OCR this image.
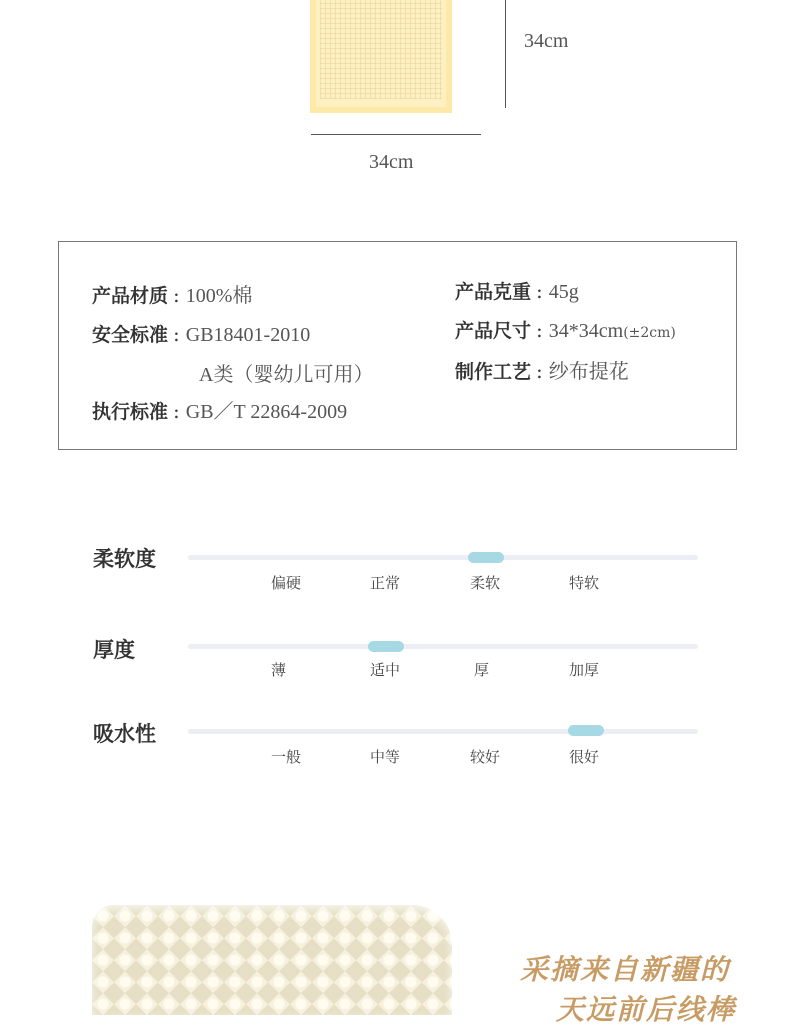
34cm
34cm
产品材质 : 100%棉
安全标准 : GB18401-2010
A类（婴幼儿可用）
执行标准 : GB／T 22864-2009
产品克重 : 45g
产品尺寸 : 34*34cm(±2cm)
制作工艺 : 纱布提花
柔软度
偏硬	正常	柔软	特软
厚度
薄	适中	厚	加厚
吸水性
一般	中等	较好	很好
采摘来自新疆的
天远前后线棒
